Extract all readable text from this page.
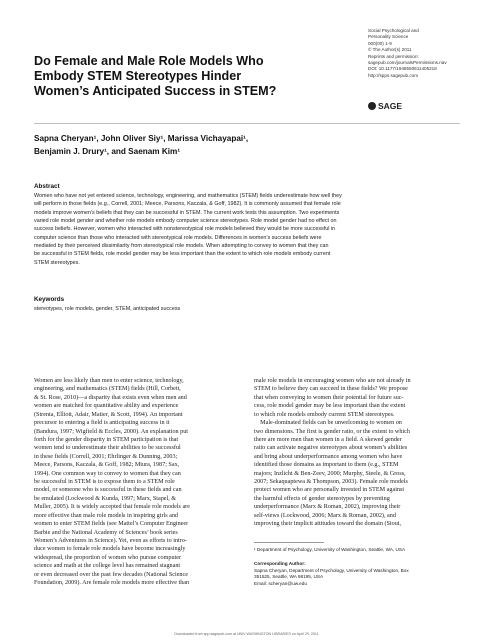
Do Female and Male Role Models Who
Embody STEM Stereotypes Hinder
Women’s Anticipated Success in STEM?
Social Psychological and
Personality Science
000(00) 1-9
© The Author(s) 2011
Reprints and permission:
sagepub.com/journalsPermissions.nav
DOI: 10.1177/1948550611405218
http://spps.sagepub.com
SAGE
Sapna Cheryan¹, John Oliver Siy¹, Marissa Vichayapai¹,
Benjamin J. Drury¹, and Saenam Kim¹
Abstract
Women who have not yet entered science, technology, engineering, and mathematics (STEM) fields underestimate how well they
will perform in those fields (e.g., Correll, 2001; Meece, Parsons, Kaczala, & Goff, 1982). It is commonly assumed that female role
models improve women’s beliefs that they can be successful in STEM. The current work tests this assumption. Two experiments
varied role model gender and whether role models embody computer science stereotypes. Role model gender had no effect on
success beliefs. However, women who interacted with nonstereotypical role models believed they would be more successful in
computer science than those who interacted with stereotypical role models. Differences in women’s success beliefs were
mediated by their perceived dissimilarity from stereotypical role models. When attempting to convey to women that they can
be successful in STEM fields, role model gender may be less important than the extent to which role models embody current
STEM stereotypes.
Keywords
stereotypes, role models, gender, STEM, anticipated success
Women are less likely than men to enter science, technology,
engineering, and mathematics (STEM) fields (Hill, Corbett,
& St. Rose, 2010)—a disparity that exists even when men and
women are matched for quantitative ability and experience
(Strenta, Elliott, Adair, Matier, & Scott, 1994). An important
precursor to entering a field is anticipating success in it
(Bandura, 1997; Wigfield & Eccles, 2000). An explanation put
forth for the gender disparity in STEM participation is that
women tend to underestimate their abilities to be successful
in these fields (Correll, 2001; Ehrlinger & Dunning, 2003;
Meece, Parsons, Kaczala, & Goff, 1982; Miura, 1987; Sax,
1994). One common way to convey to women that they can
be successful in STEM is to expose them to a STEM role
model, or someone who is successful in these fields and can
be emulated (Lockwood & Kunda, 1997; Marx, Stapel, &
Muller, 2005). It is widely accepted that female role models are
more effective than male role models in inspiring girls and
women to enter STEM fields (see Mattel’s Computer Engineer
Barbie and the National Academy of Sciences’ book series
Women’s Adventures in Science). Yet, even as efforts to intro-
duce women to female role models have become increasingly
widespread, the proportion of women who pursue computer
science and math at the college level has remained stagnant
or even decreased over the past few decades (National Science
Foundation, 2009). Are female role models more effective than
male role models in encouraging women who are not already in
STEM to believe they can succeed in these fields? We propose
that when conveying to women their potential for future suc-
cess, role model gender may be less important than the extent
to which role models embody current STEM stereotypes.
Male-dominated fields can be unwelcoming to women on
two dimensions. The first is gender ratio, or the extent to which
there are more men than women in a field. A skewed gender
ratio can activate negative stereotypes about women’s abilities
and bring about underperformance among women who have
identified those domains as important to them (e.g., STEM
majors; Inzlicht & Ben-Zeev, 2000; Murphy, Steele, & Gross,
2007; Sekaquaptewa & Thompson, 2003). Female role models
protect women who are personally invested in STEM against
the harmful effects of gender stereotypes by preventing
underperformance (Marx & Roman, 2002), improving their
self-views (Lockwood, 2006; Marx & Roman, 2002), and
improving their implicit attitudes toward the domain (Stout,
¹ Department of Psychology, University of Washington, Seattle, WA, USA
Corresponding Author:
Sapna Cheryan, Department of Psychology, University of Washington, Box
351525, Seattle, WA 98195, USA
Email: scheryan@uw.edu
Downloaded from spp.sagepub.com at UNIV WASHINGTON LIBRARIES on April 29, 2011
